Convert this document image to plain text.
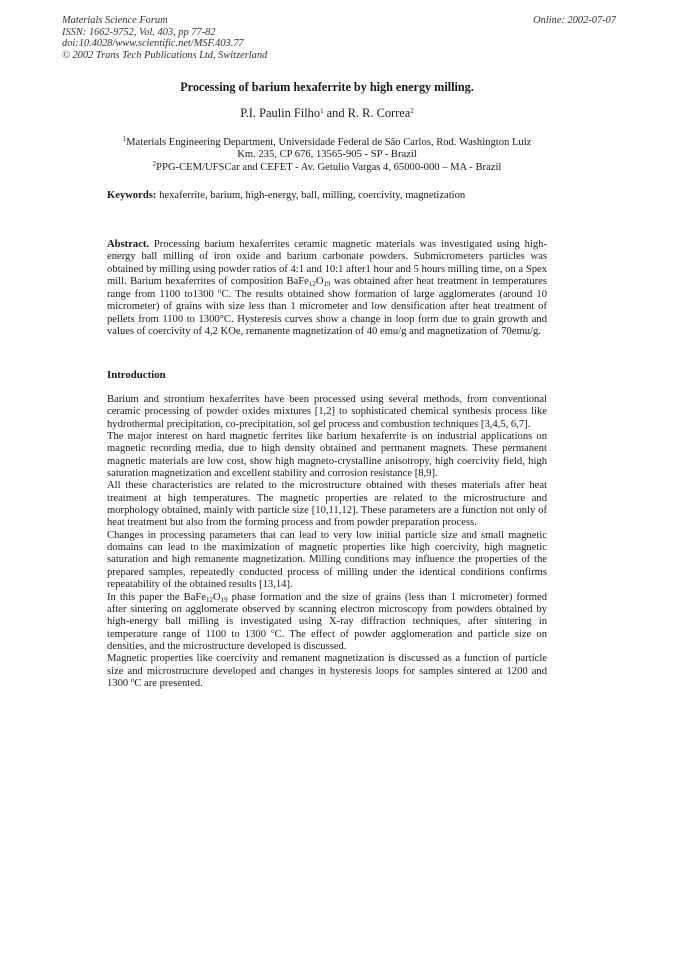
Materials Science Forum
ISSN: 1662-9752, Vol. 403, pp 77-82
doi:10.4028/www.scientific.net/MSF.403.77
© 2002 Trans Tech Publications Ltd, Switzerland
Online: 2002-07-07
Processing of barium hexaferrite by high energy milling.
P.I. Paulin Filho$^1$ and R. R. Correa$^2$
$^1$Materials Engineering Department, Universidade Federal de São Carlos, Rod. Washington Luiz
Km. 235, CP 676, 13565-905 - SP - Brazil
$^2$PPG-CEM/UFSCar and CEFET - Av. Getulio Vargas 4, 65000-000 – MA - Brazil
Keywords: hexaferrite, barium, high-energy, ball, milling, coercivity, magnetization
Abstract. Processing barium hexaferrites ceramic magnetic materials was investigated using high-energy ball milling of iron oxide and barium carbonate powders. Submicrometers particles was obtained by milling using powder ratios of 4:1 and 10:1 after1 hour and 5 hours milling time, on a Spex mill. Barium hexaferrites of composition $BaFe_{12}O_{19}$ was obtained after heat treatment in temperatures range from 1100 to1300 $^o$C. The results obtained show formation of large agglomerates (around 10 micrometer) of grains with size less than 1 micrometer and low densification after heat treatment of pellets from 1100 to 1300°C. Hysteresis curves show a change in loop form due to grain growth and values of coercivity of 4,2 KOe, remanente magnetization of 40 emu/g and magnetization of 70emu/g.
Introduction

Barium and strontium hexaferrites have been processed using several methods, from conventional ceramic processing of powder oxides mixtures [1,2] to sophisticated chemical synthesis process like hydrothermal precipitation, co-precipitation, sol gel process and combustion techniques [3,4,5, 6,7].

The major interest on hard magnetic ferrites like barium hexaferrite is on industrial applications on magnetic recording media, due to high density obtained and permanent magnets. These permanent magnetic materials are low cost, show high magneto-crystalline anisotropy, high coercivity field, high saturation magnetization and excellent stability and corrosion resistance [8,9].

All these characteristics are related to the microstructure obtained with theses materials after heat treatment at high temperatures. The magnetic properties are related to the microstructure and morphology obtained, mainly with particle size [10,11,12]. These parameters are a function not only of heat treatment but also from the forming process and from powder preparation process.

Changes in processing parameters that can lead to very low initial particle size and small magnetic domains can lead to the maximization of magnetic properties like high coercivity, high magnetic saturation and high remanente magnetization. Milling conditions may influence the properties of the prepared samples, repeatedly conducted process of milling under the identical conditions confirms repeatability of the obtained results [13,14].

In this paper the $BaFe_{12}O_{19}$ phase formation and the size of grains (less than 1 micrometer) formed after sintering on agglomerate observed by scanning electron microscopy from powders obtained by high-energy ball milling is investigated using X-ray diffraction techniques, after sintering in temperature range of 1100 to 1300 $^o$C. The effect of powder agglomeration and particle size on densities, and the microstructure developed is discussed.

Magnetic properties like coercivity and remanent magnetization is discussed as a function of particle size and microstructure developed and changes in hysteresis loops for samples sintered at 1200 and 1300 $^o$C are presented.
